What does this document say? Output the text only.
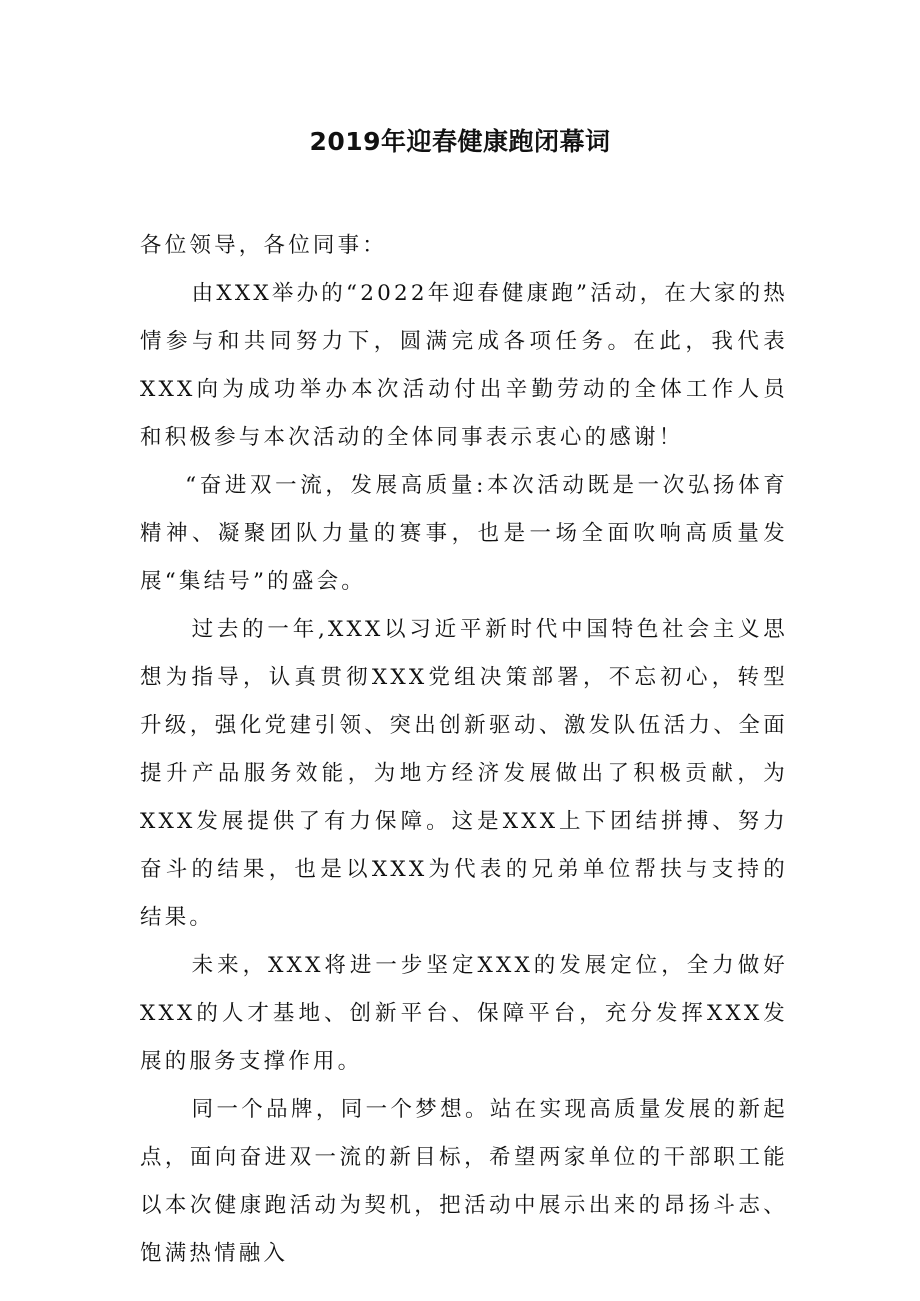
2019年迎春健康跑闭幕词

各位领导，各位同事：

由XXX举办的“2022年迎春健康跑”活动，在大家的热情参与和共同努力下，圆满完成各项任务。在此，我代表XXX向为成功举办本次活动付出辛勤劳动的全体工作人员和积极参与本次活动的全体同事表示衷心的感谢！

“奋进双一流，发展高质量:本次活动既是一次弘扬体育精神、凝聚团队力量的赛事，也是一场全面吹响高质量发展“集结号”的盛会。

过去的一年,XXX以习近平新时代中国特色社会主义思想为指导，认真贯彻XXX党组决策部署，不忘初心，转型升级，强化党建引领、突出创新驱动、激发队伍活力、全面提升产品服务效能，为地方经济发展做出了积极贡献，为XXX发展提供了有力保障。这是XXX上下团结拼搏、努力奋斗的结果，也是以XXX为代表的兄弟单位帮扶与支持的结果。

未来，XXX将进一步坚定XXX的发展定位，全力做好XXX的人才基地、创新平台、保障平台，充分发挥XXX发展的服务支撑作用。

同一个品牌，同一个梦想。站在实现高质量发展的新起点，面向奋进双一流的新目标，希望两家单位的干部职工能以本次健康跑活动为契机，把活动中展示出来的昂扬斗志、饱满热情融入
